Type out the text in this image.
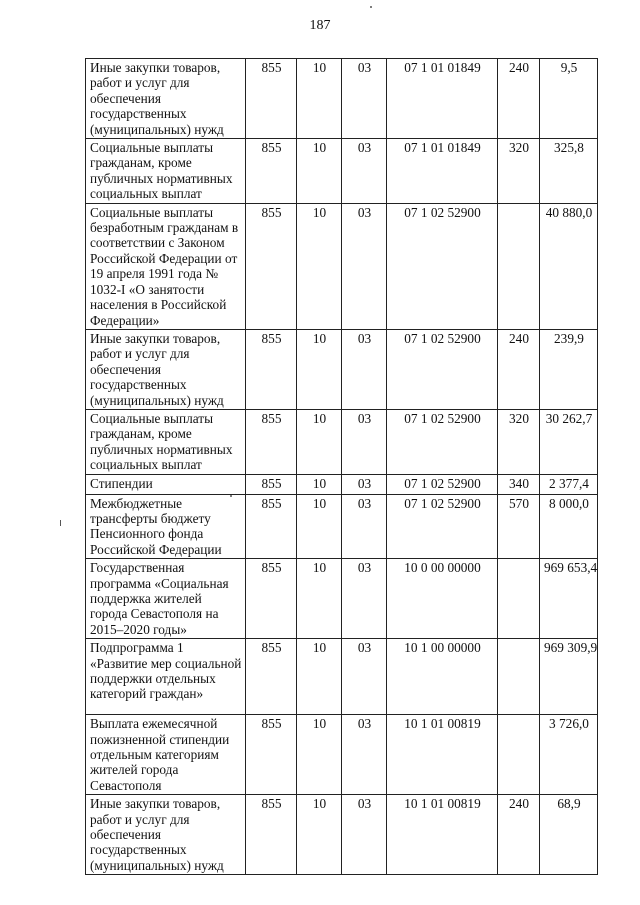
187
Иные закупки товаров, работ и услуг для обеспечения государственных (муниципальных) нужд	855	10	03	07 1 01 01849	240	9,5
Социальные выплаты гражданам, кроме публичных нормативных социальных выплат	855	10	03	07 1 01 01849	320	325,8
Социальные выплаты безработным гражданам в соответствии с Законом Российской Федерации от 19 апреля 1991 года № 1032-I «О занятости населения в Российской Федерации»	855	10	03	07 1 02 52900		40 880,0
Иные закупки товаров, работ и услуг для обеспечения государственных (муниципальных) нужд	855	10	03	07 1 02 52900	240	239,9
Социальные выплаты гражданам, кроме публичных нормативных социальных выплат	855	10	03	07 1 02 52900	320	30 262,7
Стипендии	855	10	03	07 1 02 52900	340	2 377,4
Межбюджетные трансферты бюджету Пенсионного фонда Российской Федерации	855	10	03	07 1 02 52900	570	8 000,0
Государственная программа «Социальная поддержка жителей города Севастополя на 2015–2020 годы»	855	10	03	10 0 00 00000		969 653,4
Подпрограмма 1 «Развитие мер социальной поддержки отдельных категорий граждан»	855	10	03	10 1 00 00000		969 309,9
Выплата ежемесячной пожизненной стипендии отдельным категориям жителей города Севастополя	855	10	03	10 1 01 00819		3 726,0
Иные закупки товаров, работ и услуг для обеспечения государственных (муниципальных) нужд	855	10	03	10 1 01 00819	240	68,9
